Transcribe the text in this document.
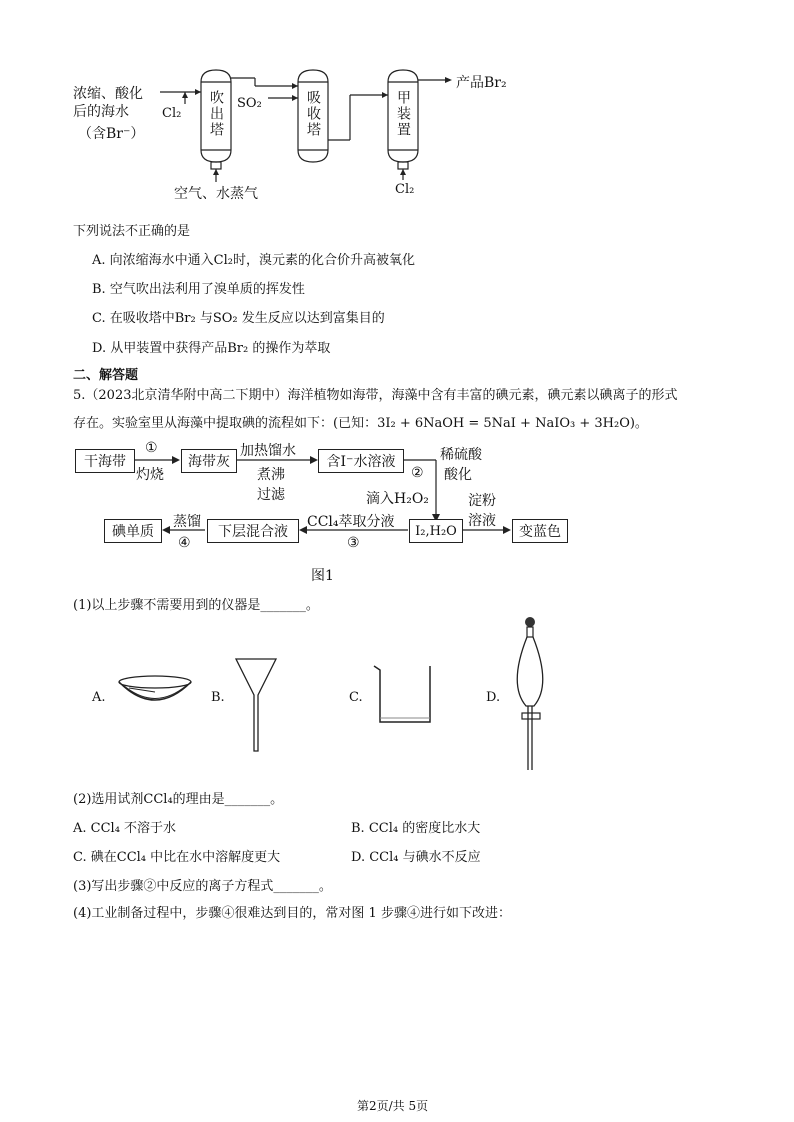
浓缩、酸化
后的海水
（含Br⁻）
Cl₂ 吹出塔 SO₂	吸收塔	甲装置
产品Br₂
空气、水蒸气	Cl₂
下列说法不正确的是
A. 向浓缩海水中通入Cl₂时，溴元素的化合价升高被氧化
B. 空气吹出法利用了溴单质的挥发性
C. 在吸收塔中Br₂ 与SO₂ 发生反应以达到富集目的
D. 从甲装置中获得产品Br₂ 的操作为萃取
二、解答题
5.（2023北京清华附中高二下期中）海洋植物如海带，海藻中含有丰富的碘元素，碘元素以碘离子的形式
存在。实验室里从海藻中提取碘的流程如下：(已知：3I₂ + 6NaOH = 5NaI + NaIO₃ + 3H₂O)。
干海带
①
灼烧
海带灰
加热馏水
煮沸
过滤
含I⁻水溶液	稀硫酸
酸化
②
滴入H₂O₂	淀粉
溶液
I₂,H₂O	变蓝色
CCl₄萃取分液
③
下层混合液
蒸馏
④
碘单质
图1
(1)以上步骤不需要用到的仪器是_______。
A.	B.	C.	D.
(2)选用试剂CCl₄的理由是_______。
A. CCl₄ 不溶于水	B. CCl₄ 的密度比水大
C. 碘在CCl₄ 中比在水中溶解度更大	D. CCl₄ 与碘水不反应
(3)写出步骤②中反应的离子方程式_______。
(4)工业制备过程中，步骤④很难达到目的，常对图 1 步骤④进行如下改进：
第2页/共 5页
